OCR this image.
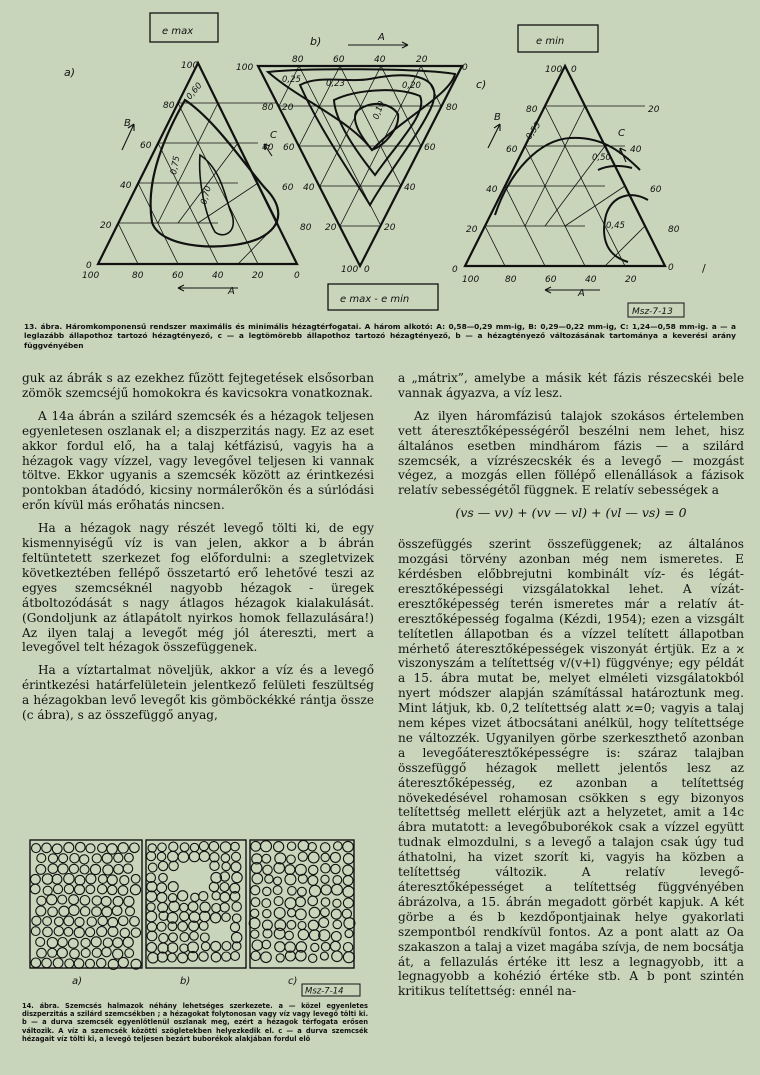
e max
e min
e max - e min
a)	100
80
60
40
20
0
100	80	60	40	20	0
20
40
60
80
0,60
0,75
0,70
B
C
A
b)	A
80	60	40	20
100
80
60
40
20
0
100
20
40
60
80
0
0,25	0,23	0,20
0,19
c)
100 0
80
60
40
20
0
100	80	60	40	20
0
20
40
60
80
0,55
0,50
0,45
B
C
A
/
Msz-7-13
13. ábra. Háromkomponensű rendszer maximális és minimális hézagtérfogatai. A három alkotó: A: 0,58—0,29 mm-ig, B: 0,29—0,22 mm-ig, C: 1,24—0,58 mm-ig. a — a leglazább állapothoz tartozó hézagtényező, c — a legtömörebb állapothoz tartozó hézagtényező, b — a hézagtényező változásának tartománya a keverési arány függvényében

guk az ábrák s az ezekhez fűzött fejtegetések elsősorban zömök szemcséjű homokokra és kavicsokra vonatkoznak.

A 14a ábrán a szilárd szemcsék és a hézagok teljesen egyenletesen oszlanak el; a diszperzitás nagy. Ez az eset akkor fordul elő, ha a talaj kétfázisú, vagyis ha a hézagok vagy vízzel, vagy levegővel teljesen ki vannak töltve. Ekkor ugyanis a szemcsék között az érintkezési pontokban átadódó, kicsiny normálerőkön és a súrlódási erőn kívül más erőhatás nincsen.

Ha a hézagok nagy részét levegő tölti ki, de egy kismennyiségű víz is van jelen, akkor a b ábrán feltüntetett szerkezet fog előfordulni: a szegletvizek következtében fellépő összetartó erő lehetővé teszi az egyes szemcséknél nagyobb hézagok - üregek átboltozódását s nagy átlagos hézagok kialakulását. (Gondoljunk az átlapátolt nyirkos homok fellazulására!) Az ilyen talaj a levegőt még jól átereszti, mert a levegővel telt hézagok összefüggenek.

Ha a víztartalmat növeljük, akkor a víz és a levegő érintkezési határfelületein jelentkező felületi feszültség a hézagokban levő levegőt kis gömböckékké rántja össze (c ábra), s az összefüggő anyag,

a)	b)	c)
Msz-7-14
14. ábra. Szemcsés halmazok néhány lehetséges szerkezete. a — közel egyenletes diszperzitás a szilárd szemcsékben ; a hézagokat folytonosan vagy víz vagy levegő tölti ki. b — a durva szemcsék egyenlőtlenül oszlanak meg, ezért a hézagok térfogata erősen változik. A víz a szemcsék közötti szögletekben helyezkedik el. c — a durva szemcsék hézagait víz tölti ki, a levegő teljesen bezárt buborékok alakjában fordul elő

a „mátrix”, amelybe a másik két fázis részecskéi bele vannak ágyazva, a víz lesz.

Az ilyen háromfázisú talajok szokásos értelemben vett áteresztőképességéről beszélni nem lehet, hisz általános esetben mindhárom fázis — a szilárd szemcsék, a vízrészecskék és a levegő — mozgást végez, a mozgás ellen föllépő ellenállások a fázisok relatív sebességétől függnek. E relatív sebességek a

(vs — vv) + (vv — vl) + (vl — vs) = 0

összefüggés szerint összefüggenek; az általános mozgási törvény azonban még nem ismeretes. E kérdésben előbbrejutni kombinált víz- és légáteresztőképességi vizsgálatokkal lehet. A vízáteresztőképesség terén ismeretes már a relatív áteresztőképesség fogalma (Kézdi, 1954); ezen a vizsgált telítetlen állapotban és a vízzel telített állapotban mérhető áteresztőképességek viszonyát értjük. Ez a ϰ viszonyszám a telítettség v/(v+l) függvénye; egy példát a 15. ábra mutat be, melyet elméleti vizsgálatokból nyert módszer alapján számítással határoztunk meg. Mint látjuk, kb. 0,2 telítettség alatt ϰ=0; vagyis a talaj nem képes vizet átbocsátani anélkül, hogy telítettsége ne változzék. Ugyanilyen görbe szerkeszthető azonban a levegőáteresztőképességre is: száraz talajban összefüggő hézagok mellett jelentős lesz az áteresztőképesség, ez azonban a telítettség növekedésével rohamosan csökken s egy bizonyos telítettség mellett elérjük azt a helyzetet, amit a 14c ábra mutatott: a levegőbuborékok csak a vízzel együtt tudnak elmozdulni, s a levegő a talajon csak úgy tud áthatolni, ha vizet szorít ki, vagyis ha közben a telítettség változik. A relatív levegő-áteresztőképességet a telítettség függvényében ábrázolva, a 15. ábrán megadott görbét kapjuk. A két görbe a és b kezdőpontjainak helye gyakorlati szempontból rendkívül fontos. Az a pont alatt az Oa szakaszon a talaj a vizet magába szívja, de nem bocsátja át, a fellazulás értéke itt lesz a legnagyobb, itt a legnagyobb a kohézió értéke stb. A b pont szintén kritikus telítettség: ennél na-
